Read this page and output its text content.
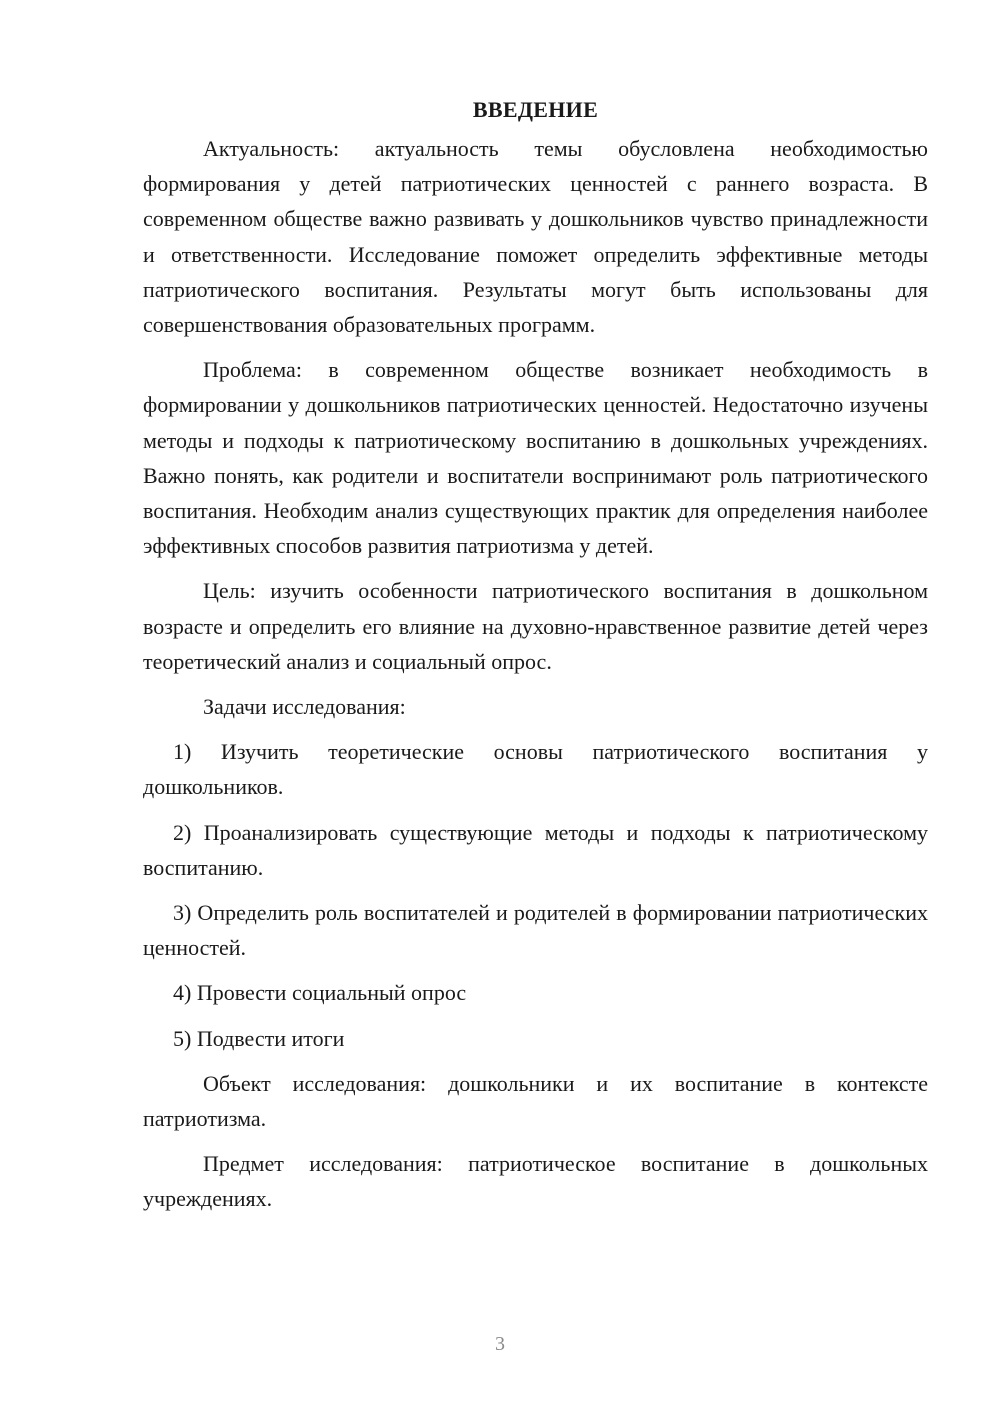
ВВЕДЕНИЕ

Актуальность: актуальность темы обусловлена необходимостью формирования у детей патриотических ценностей с раннего возраста. В современном обществе важно развивать у дошкольников чувство принадлежности и ответственности. Исследование поможет определить эффективные методы патриотического воспитания. Результаты могут быть использованы для совершенствования образовательных программ.

Проблема: в современном обществе возникает необходимость в формировании у дошкольников патриотических ценностей. Недостаточно изучены методы и подходы к патриотическому воспитанию в дошкольных учреждениях. Важно понять, как родители и воспитатели воспринимают роль патриотического воспитания. Необходим анализ существующих практик для определения наиболее эффективных способов развития патриотизма у детей.

Цель: изучить особенности патриотического воспитания в дошкольном возрасте и определить его влияние на духовно-нравственное развитие детей через теоретический анализ и социальный опрос.

Задачи исследования:

1) Изучить теоретические основы патриотического воспитания у дошкольников.

2) Проанализировать существующие методы и подходы к патриотическому воспитанию.

3) Определить роль воспитателей и родителей в формировании патриотических ценностей.

4) Провести социальный опрос

5) Подвести итоги

Объект исследования: дошкольники и их воспитание в контексте патриотизма.

Предмет исследования: патриотическое воспитание в дошкольных учреждениях.

3
